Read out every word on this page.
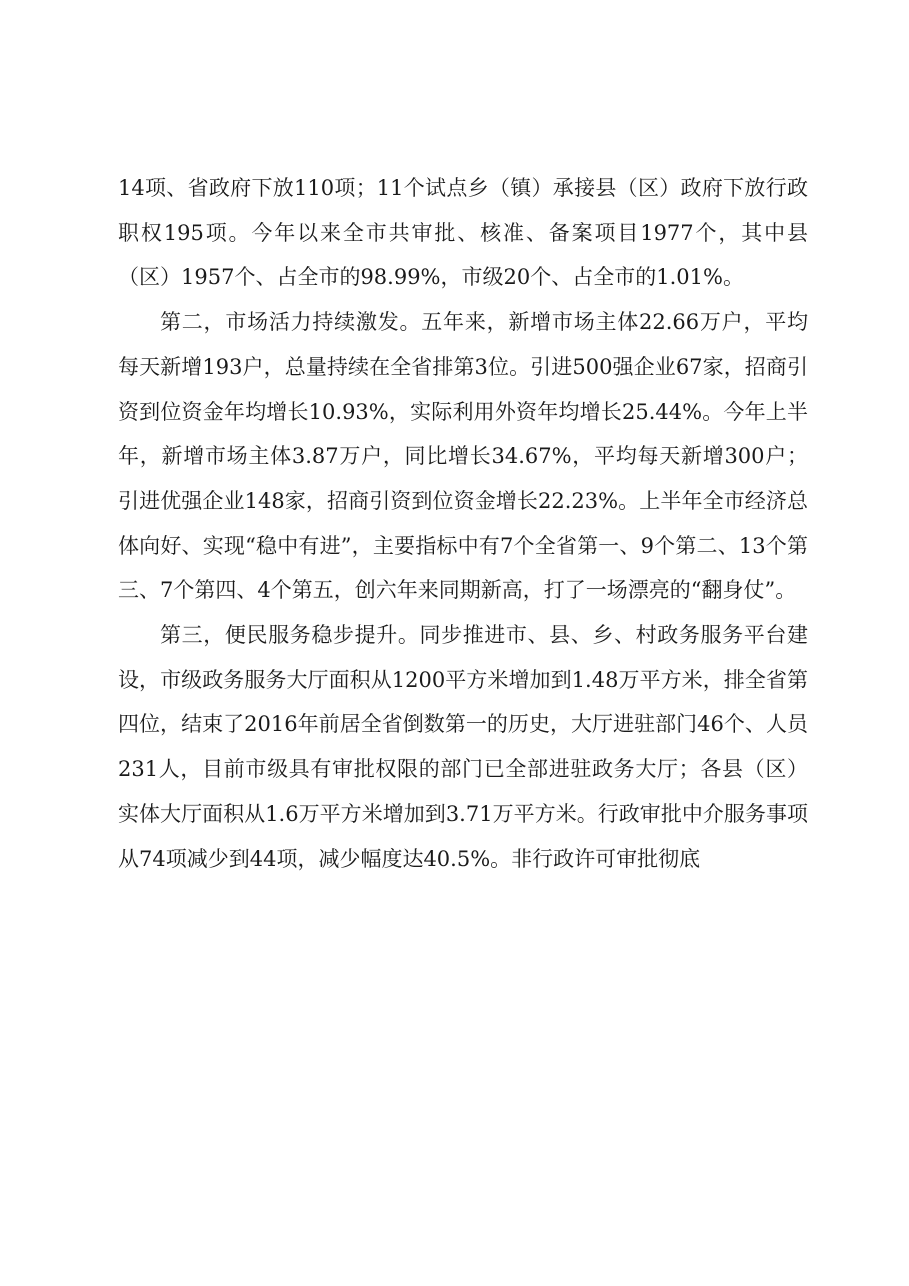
14项、省政府下放110项；11个试点乡（镇）承接县（区）政府下放行政职权195项。今年以来全市共审批、核准、备案项目1977个，其中县（区）1957个、占全市的98.99%，市级20个、占全市的1.01%。

第二，市场活力持续激发。五年来，新增市场主体22.66万户，平均每天新增193户，总量持续在全省排第3位。引进500强企业67家，招商引资到位资金年均增长10.93%，实际利用外资年均增长25.44%。今年上半年，新增市场主体3.87万户，同比增长34.67%，平均每天新增300户；引进优强企业148家，招商引资到位资金增长22.23%。上半年全市经济总体向好、实现“稳中有进”，主要指标中有7个全省第一、9个第二、13个第三、7个第四、4个第五，创六年来同期新高，打了一场漂亮的“翻身仗”。

第三，便民服务稳步提升。同步推进市、县、乡、村政务服务平台建设，市级政务服务大厅面积从1200平方米增加到1.48万平方米，排全省第四位，结束了2016年前居全省倒数第一的历史，大厅进驻部门46个、人员231人，目前市级具有审批权限的部门已全部进驻政务大厅；各县（区）实体大厅面积从1.6万平方米增加到3.71万平方米。行政审批中介服务事项从74项减少到44项，减少幅度达40.5%。非行政许可审批彻底
